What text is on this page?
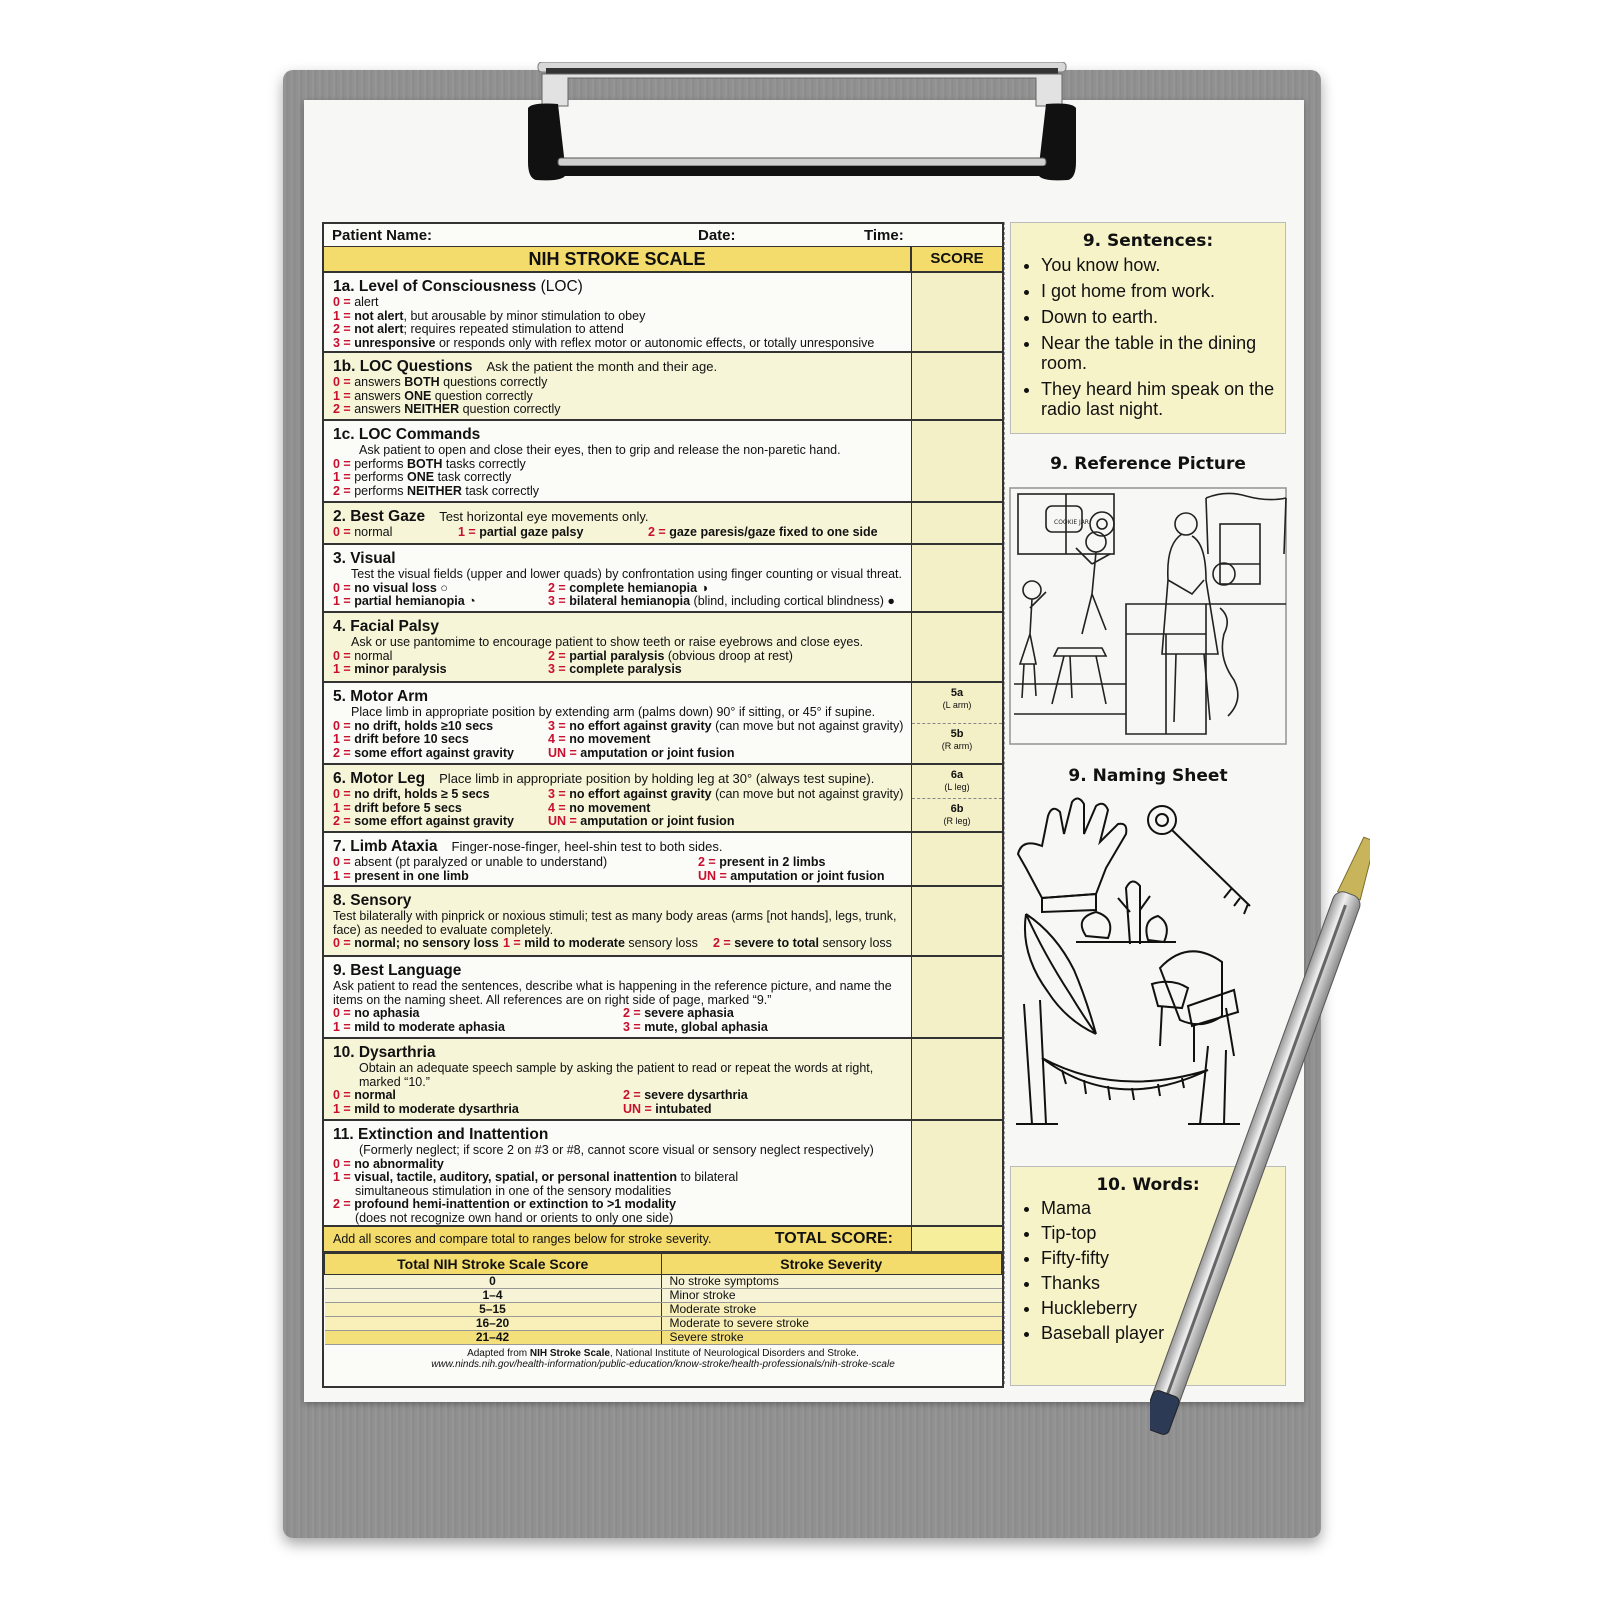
Patient Name:	Date:	Time:
NIH STROKE SCALE	SCORE
1a. Level of Consciousness (LOC)
0 = alert
1 = not alert, but arousable by minor stimulation to obey
2 = not alert; requires repeated stimulation to attend
3 = unresponsive or responds only with reflex motor or autonomic effects, or totally unresponsive
1b. LOC Questions Ask the patient the month and their age.
0 = answers BOTH questions correctly
1 = answers ONE question correctly
2 = answers NEITHER question correctly
1c. LOC Commands
Ask patient to open and close their eyes, then to grip and release the non-paretic hand.
0 = performs BOTH tasks correctly
1 = performs ONE task correctly
2 = performs NEITHER task correctly
2. Best Gaze Test horizontal eye movements only.
0 = normal	1 = partial gaze palsy	2 = gaze paresis/gaze fixed to one side
3. Visual
Test the visual fields (upper and lower quads) by confrontation using finger counting or visual threat.
0 = no visual loss ○	2 = complete hemianopia ◑
1 = partial hemianopia ◔	3 = bilateral hemianopia (blind, including cortical blindness) ●
4. Facial Palsy
Ask or use pantomime to encourage patient to show teeth or raise eyebrows and close eyes.
0 = normal	2 = partial paralysis (obvious droop at rest)
1 = minor paralysis	3 = complete paralysis
5. Motor Arm
Place limb in appropriate position by extending arm (palms down) 90° if sitting, or 45° if supine.
0 = no drift, holds ≥10 secs	3 = no effort against gravity (can move but not against gravity)
1 = drift before 10 secs	4 = no movement
2 = some effort against gravity	UN = amputation or joint fusion
5a
(L arm)
5b
(R arm)
6. Motor Leg Place limb in appropriate position by holding leg at 30° (always test supine).
0 = no drift, holds ≥ 5 secs	3 = no effort against gravity (can move but not against gravity)
1 = drift before 5 secs	4 = no movement
2 = some effort against gravity	UN = amputation or joint fusion
6a
(L leg)
6b
(R leg)
7. Limb Ataxia Finger-nose-finger, heel-shin test to both sides.
0 = absent (pt paralyzed or unable to understand)	2 = present in 2 limbs
1 = present in one limb	UN = amputation or joint fusion
8. Sensory
Test bilaterally with pinprick or noxious stimuli; test as many body areas (arms [not hands], legs, trunk, face) as needed to evaluate completely.
0 = normal; no sensory loss 1 = mild to moderate sensory loss	2 = severe to total sensory loss
9. Best Language
Ask patient to read the sentences, describe what is happening in the reference picture, and name the items on the naming sheet. All references are on right side of page, marked “9.”
0 = no aphasia	2 = severe aphasia
1 = mild to moderate aphasia	3 = mute, global aphasia
10. Dysarthria
Obtain an adequate speech sample by asking the patient to read or repeat the words at right, marked “10.”
0 = normal	2 = severe dysarthria
1 = mild to moderate dysarthria	UN = intubated
11. Extinction and Inattention
(Formerly neglect; if score 2 on #3 or #8, cannot score visual or sensory neglect respectively)
0 = no abnormality
1 = visual, tactile, auditory, spatial, or personal inattention to bilateral
simultaneous stimulation in one of the sensory modalities
2 = profound hemi-inattention or extinction to >1 modality
(does not recognize own hand or orients to only one side)
Add all scores and compare total to ranges below for stroke severity.	TOTAL SCORE:
Total NIH Stroke Scale Score	Stroke Severity
0	No stroke symptoms
1–4	Minor stroke
5–15	Moderate stroke
16–20	Moderate to severe stroke
21–42	Severe stroke
Adapted from NIH Stroke Scale, National Institute of Neurological Disorders and Stroke.
www.ninds.nih.gov/health-information/public-education/know-stroke/health-professionals/nih-stroke-scale
9. Sentences:
• You know how.
• I got home from work.
• Down to earth.
• Near the table in the dining room.
• They heard him speak on the radio last night.
9. Reference Picture
COOKIE JAR
9. Naming Sheet
10. Words:
• Mama
• Tip-top
• Fifty-fifty
• Thanks
• Huckleberry
• Baseball player
